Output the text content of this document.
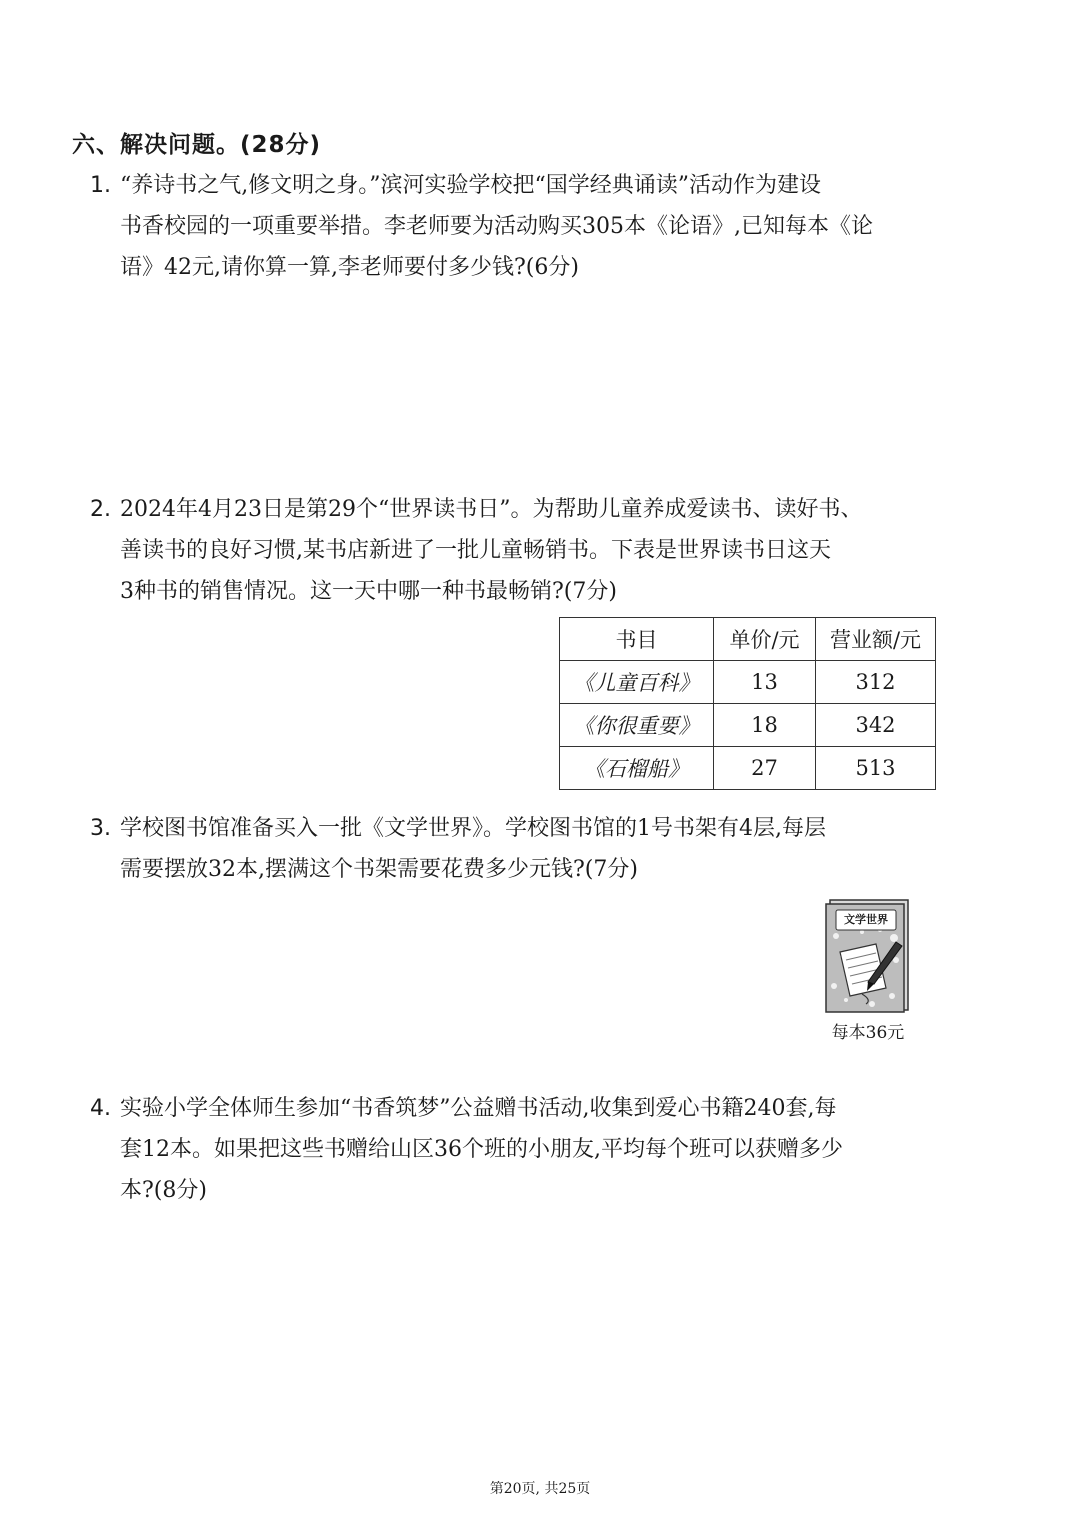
六、解决问题。(28分)
1. “养诗书之气,修文明之身。”滨河实验学校把“国学经典诵读”活动作为建设
书香校园的一项重要举措。李老师要为活动购买305本《论语》,已知每本《论
语》42元,请你算一算,李老师要付多少钱?(6分)
2. 2024年4月23日是第29个“世界读书日”。为帮助儿童养成爱读书、读好书、
善读书的良好习惯,某书店新进了一批儿童畅销书。下表是世界读书日这天
3种书的销售情况。这一天中哪一种书最畅销?(7分)
书目	单价/元	营业额/元
《儿童百科》	13	312
《你很重要》	18	342
《石榴船》	27	513
3. 学校图书馆准备买入一批《文学世界》。学校图书馆的1号书架有4层,每层
需要摆放32本,摆满这个书架需要花费多少元钱?(7分)
文学世界
每本36元
4. 实验小学全体师生参加“书香筑梦”公益赠书活动,收集到爱心书籍240套,每
套12本。如果把这些书赠给山区36个班的小朋友,平均每个班可以获赠多少
本?(8分)
第20页, 共25页
